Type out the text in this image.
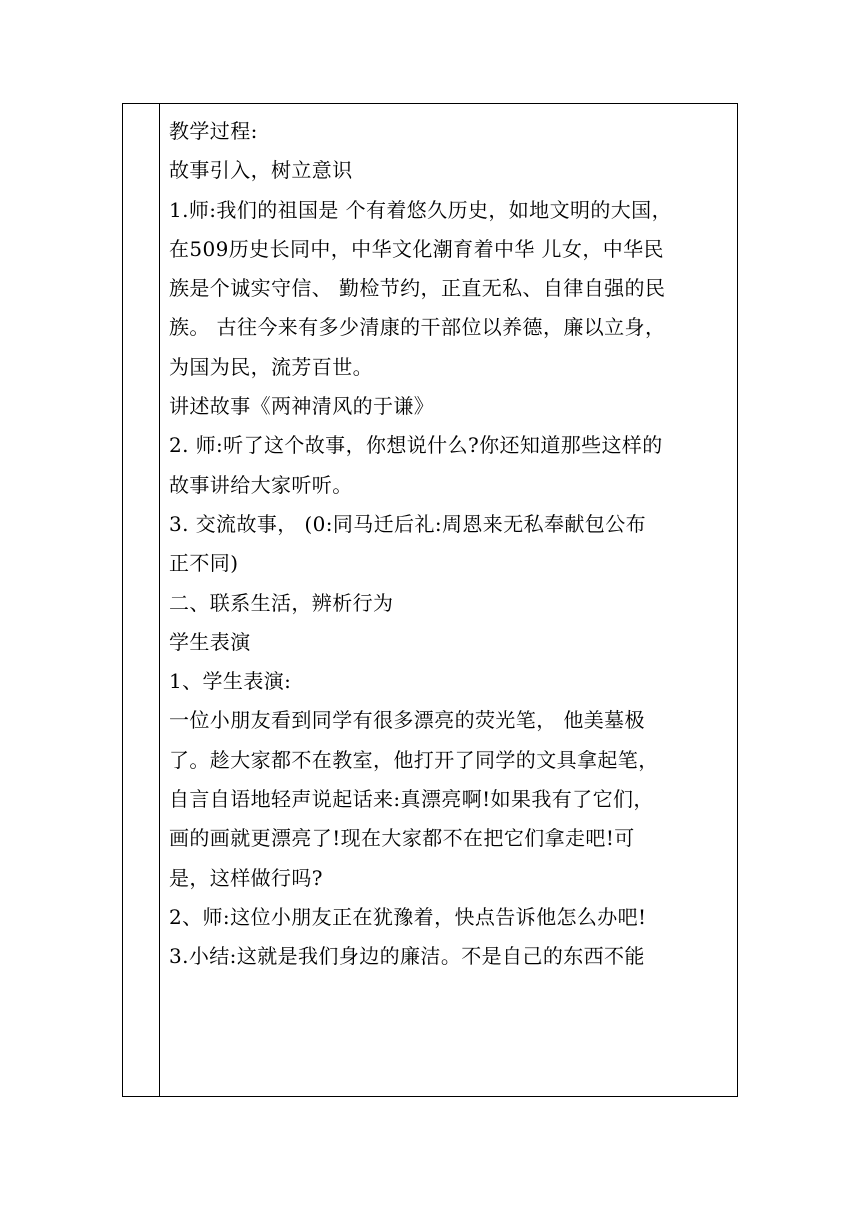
教学过程:
故事引入，树立意识
1.师:我们的祖国是 个有着悠久历史，如地文明的大国，
在509历史长同中，中华文化潮育着中华 儿女，中华民
族是个诚实守信、 勤检节约，正直无私、自律自强的民
族。 古往今来有多少清康的干部位以养德，廉以立身，
为国为民，流芳百世。
讲述故事《两神清风的于谦》
2. 师:听了这个故事，你想说什么?你还知道那些这样的
故事讲给大家听听。
3. 交流故事， (0:同马迁后礼:周恩来无私奉献包公布
正不同)
二、联系生活，辨析行为
学生表演
1、学生表演:
一位小朋友看到同学有很多漂亮的荧光笔， 他美墓极
了。趁大家都不在教室，他打开了同学的文具拿起笔，
自言自语地轻声说起话来:真漂亮啊!如果我有了它们，
画的画就更漂亮了!现在大家都不在把它们拿走吧!可
是，这样做行吗?
2、师:这位小朋友正在犹豫着，快点告诉他怎么办吧!
3.小结:这就是我们身边的廉洁。不是自己的东西不能
